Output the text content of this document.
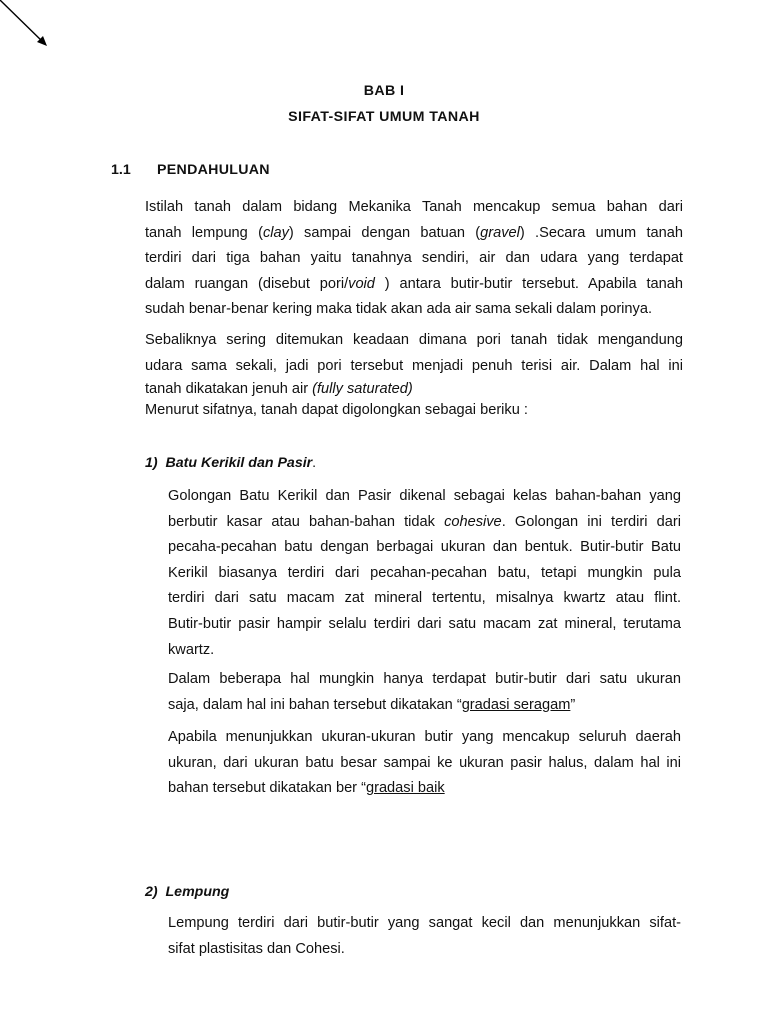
BAB I
SIFAT-SIFAT UMUM TANAH
1.1 PENDAHULUAN
Istilah tanah dalam bidang Mekanika Tanah mencakup semua bahan dari
tanah lempung (clay) sampai dengan batuan (gravel) .Secara umum tanah
terdiri dari tiga bahan yaitu tanahnya sendiri, air dan udara yang terdapat
dalam ruangan (disebut pori/void ) antara butir-butir tersebut. Apabila tanah
sudah benar-benar kering maka tidak akan ada air sama sekali dalam porinya.
Sebaliknya sering ditemukan keadaan dimana pori tanah tidak mengandung
udara sama sekali, jadi pori tersebut menjadi penuh terisi air. Dalam hal ini
tanah dikatakan jenuh air (fully saturated)
Menurut sifatnya, tanah dapat digolongkan sebagai beriku :
1) Batu Kerikil dan Pasir.
Golongan Batu Kerikil dan Pasir dikenal sebagai kelas bahan-bahan yang
berbutir kasar atau bahan-bahan tidak cohesive. Golongan ini terdiri dari
pecaha-pecahan batu dengan berbagai ukuran dan bentuk. Butir-butir Batu
Kerikil biasanya terdiri dari pecahan-pecahan batu, tetapi mungkin pula
terdiri dari satu macam zat mineral tertentu, misalnya kwartz atau flint.
Butir-butir pasir hampir selalu terdiri dari satu macam zat mineral, terutama
kwartz.
Dalam beberapa hal mungkin hanya terdapat butir-butir dari satu ukuran
saja, dalam hal ini bahan tersebut dikatakan “gradasi seragam”
Apabila menunjukkan ukuran-ukuran butir yang mencakup seluruh daerah
ukuran, dari ukuran batu besar sampai ke ukuran pasir halus, dalam hal ini
bahan tersebut dikatakan ber “gradasi baik
2) Lempung
Lempung terdiri dari butir-butir yang sangat kecil dan menunjukkan sifat-
sifat plastisitas dan Cohesi.
